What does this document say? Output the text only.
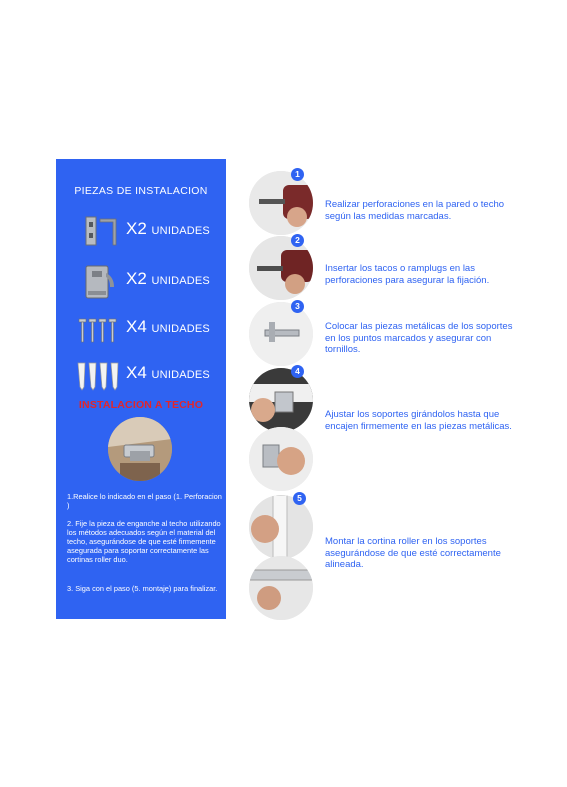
PIEZAS DE INSTALACION
X2 UNIDADES
X2 UNIDADES
X4 UNIDADES
X4 UNIDADES
INSTALACION A TECHO
1.Realice lo indicado en el paso (1. Perforacion )
2. Fije la pieza de enganche al techo utilizando los métodos adecuados según el material del techo, asegurándose de que esté firmemente asegurada para soportar correctamente las cortinas roller duo.
3. Siga con el paso (5. montaje) para finalizar.
1
Realizar perforaciones en la pared o techo según las medidas marcadas.
2
Insertar los tacos o ramplugs en las perforaciones para asegurar la fijación.
3
Colocar las piezas metálicas de los soportes en los puntos marcados y asegurar con tornillos.
4
Ajustar los soportes girándolos hasta que encajen firmemente en las piezas metálicas.
5
Montar la cortina roller en los soportes asegurándose de que esté correctamente alineada.
